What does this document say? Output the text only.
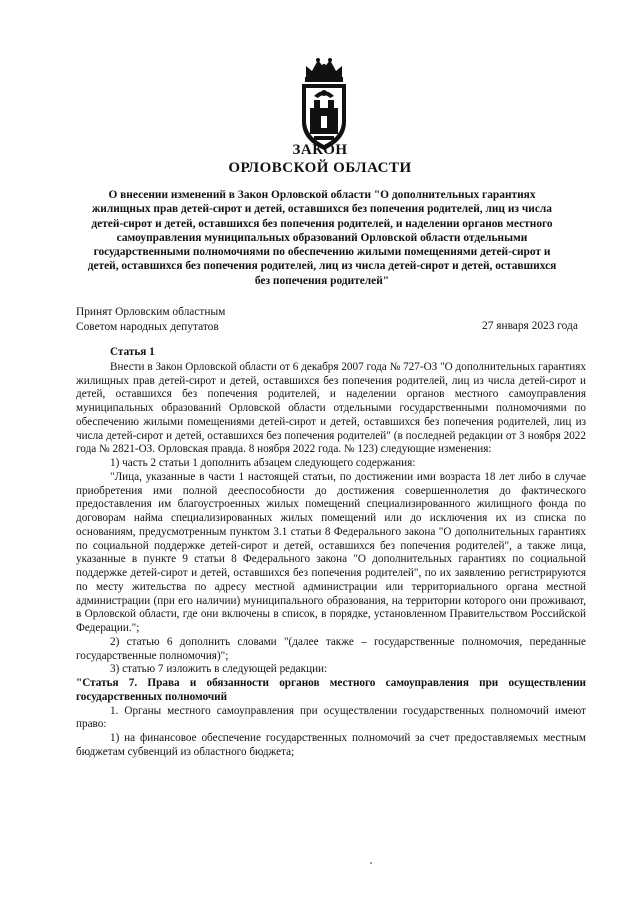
ЗАКОН
ОРЛОВСКОЙ ОБЛАСТИ
О внесении изменений в Закон Орловской области "О дополнительных гарантиях жилищных прав детей-сирот и детей, оставшихся без попечения родителей, лиц из числа детей-сирот и детей, оставшихся без попечения родителей, и наделении органов местного самоуправления муниципальных образований Орловской области отдельными государственными полномочиями по обеспечению жилыми помещениями детей-сирот и детей, оставшихся без попечения родителей, лиц из числа детей-сирот и детей, оставшихся без попечения родителей"
Принят Орловским областным
Советом народных депутатов	27 января 2023 года

Статья 1

Внести в Закон Орловской области от 6 декабря 2007 года № 727-ОЗ "О дополнительных гарантиях жилищных прав детей-сирот и детей, оставшихся без попечения родителей, лиц из числа детей-сирот и детей, оставшихся без попечения родителей, и наделении органов местного самоуправления муниципальных образований Орловской области отдельными государственными полномочиями по обеспечению жилыми помещениями детей-сирот и детей, оставшихся без попечения родителей, лиц из числа детей-сирот и детей, оставшихся без попечения родителей" (в последней редакции от 3 ноября 2022 года № 2821-ОЗ. Орловская правда. 8 ноября 2022 года. № 123) следующие изменения:

1) часть 2 статьи 1 дополнить абзацем следующего содержания:

"Лица, указанные в части 1 настоящей статьи, по достижении ими возраста 18 лет либо в случае приобретения ими полной дееспособности до достижения совершеннолетия до фактического предоставления им благоустроенных жилых помещений специализированного жилищного фонда по договорам найма специализированных жилых помещений или до исключения их из списка по основаниям, предусмотренным пунктом 3.1 статьи 8 Федерального закона "О дополнительных гарантиях по социальной поддержке детей-сирот и детей, оставшихся без попечения родителей", а также лица, указанные в пункте 9 статьи 8 Федерального закона "О дополнительных гарантиях по социальной поддержке детей-сирот и детей, оставшихся без попечения родителей", по их заявлению регистрируются по месту жительства по адресу местной администрации или территориального органа местной администрации (при его наличии) муниципального образования, на территории которого они проживают, в Орловской области, где они включены в список, в порядке, установленном Правительством Российской Федерации.";

2) статью 6 дополнить словами "(далее также – государственные полномочия, переданные государственные полномочия)";

3) статью 7 изложить в следующей редакции:

"Статья 7. Права и обязанности органов местного самоуправления при осуществлении государственных полномочий

1. Органы местного самоуправления при осуществлении государственных полномочий имеют право:

1) на финансовое обеспечение государственных полномочий за счет предоставляемых местным бюджетам субвенций из областного бюджета;
